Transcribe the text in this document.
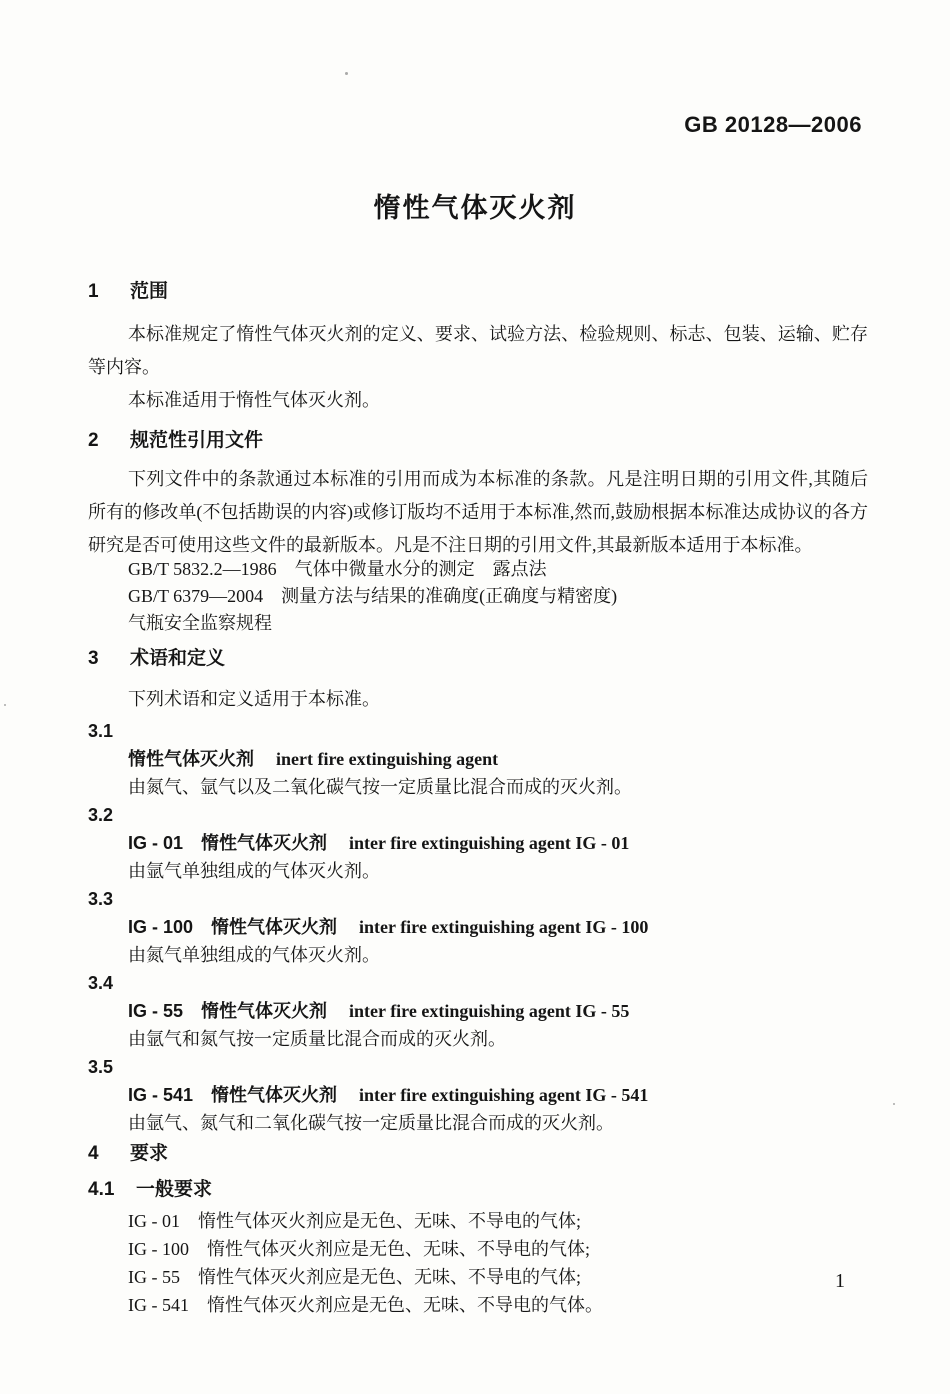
GB 20128—2006
惰性气体灭火剂
1 范围

本标准规定了惰性气体灭火剂的定义、要求、试验方法、检验规则、标志、包装、运输、贮存等内容。

本标准适用于惰性气体灭火剂。

2 规范性引用文件

下列文件中的条款通过本标准的引用而成为本标准的条款。凡是注明日期的引用文件,其随后所有的修改单(不包括勘误的内容)或修订版均不适用于本标准,然而,鼓励根据本标准达成协议的各方研究是否可使用这些文件的最新版本。凡是不注日期的引用文件,其最新版本适用于本标准。

GB/T 5832.2—1986　气体中微量水分的测定　露点法
GB/T 6379—2004　测量方法与结果的准确度(正确度与精密度)
气瓶安全监察规程
3 术语和定义
下列术语和定义适用于本标准。
3.1
惰性气体灭火剂 inert fire extinguishing agent
由氮气、氩气以及二氧化碳气按一定质量比混合而成的灭火剂。
3.2
IG - 01　惰性气体灭火剂 inter fire extinguishing agent IG - 01
由氩气单独组成的气体灭火剂。
3.3
IG - 100　惰性气体灭火剂 inter fire extinguishing agent IG - 100
由氮气单独组成的气体灭火剂。
3.4
IG - 55　惰性气体灭火剂 inter fire extinguishing agent IG - 55
由氩气和氮气按一定质量比混合而成的灭火剂。
3.5
IG - 541　惰性气体灭火剂 inter fire extinguishing agent IG - 541
由氩气、氮气和二氧化碳气按一定质量比混合而成的灭火剂。
4 要求
4.1 一般要求
IG - 01　惰性气体灭火剂应是无色、无味、不导电的气体;
IG - 100　惰性气体灭火剂应是无色、无味、不导电的气体;
IG - 55　惰性气体灭火剂应是无色、无味、不导电的气体;
IG - 541　惰性气体灭火剂应是无色、无味、不导电的气体。
1
